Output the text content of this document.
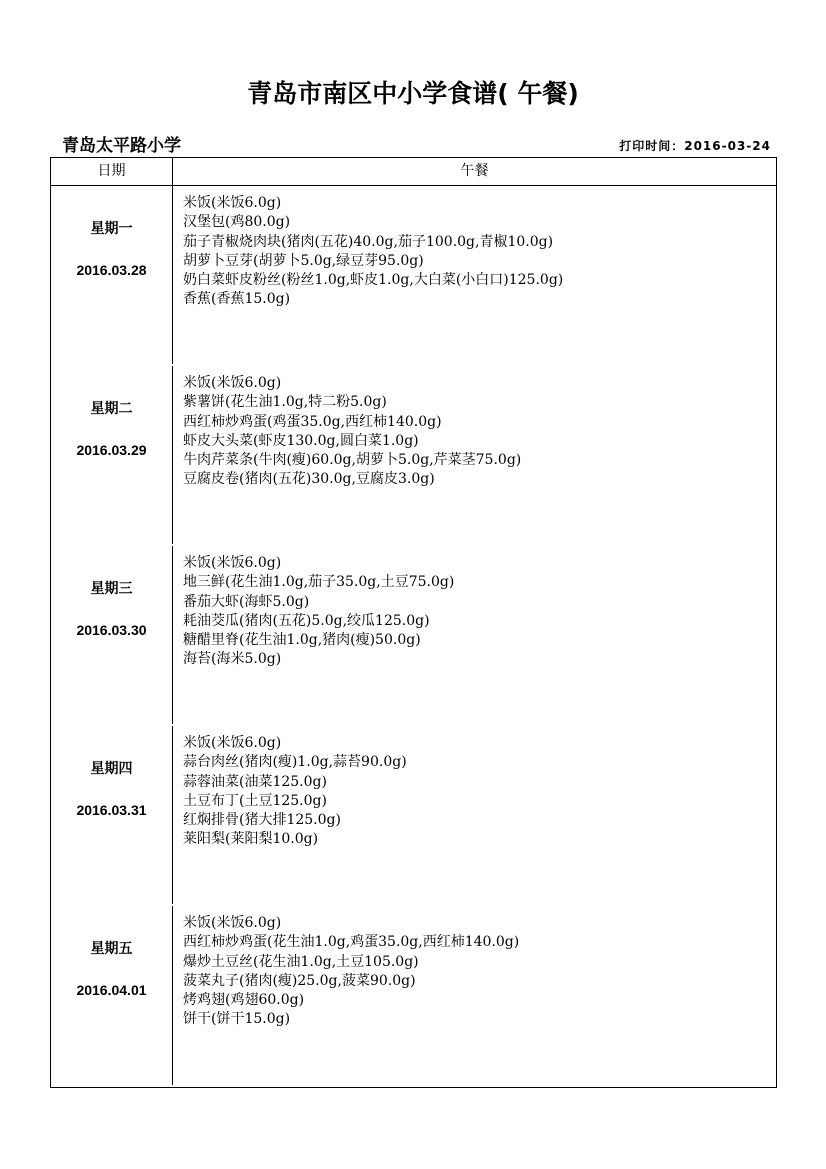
青岛市南区中小学食谱( 午餐)
青岛太平路小学	打印时间：2016-03-24
日期	午餐
星期一
2016.03.28
米饭(米饭6.0g)
汉堡包(鸡80.0g)
茄子青椒烧肉块(猪肉(五花)40.0g,茄子100.0g,青椒10.0g)
胡萝卜豆芽(胡萝卜5.0g,绿豆芽95.0g)
奶白菜虾皮粉丝(粉丝1.0g,虾皮1.0g,大白菜(小白口)125.0g)
香蕉(香蕉15.0g)
星期二
2016.03.29
米饭(米饭6.0g)
紫薯饼(花生油1.0g,特二粉5.0g)
西红柿炒鸡蛋(鸡蛋35.0g,西红柿140.0g)
虾皮大头菜(虾皮130.0g,圆白菜1.0g)
牛肉芹菜条(牛肉(瘦)60.0g,胡萝卜5.0g,芹菜茎75.0g)
豆腐皮卷(猪肉(五花)30.0g,豆腐皮3.0g)
星期三
2016.03.30
米饭(米饭6.0g)
地三鲜(花生油1.0g,茄子35.0g,土豆75.0g)
番茄大虾(海虾5.0g)
耗油茭瓜(猪肉(五花)5.0g,绞瓜125.0g)
糖醋里脊(花生油1.0g,猪肉(瘦)50.0g)
海苔(海米5.0g)
星期四
2016.03.31
米饭(米饭6.0g)
蒜台肉丝(猪肉(瘦)1.0g,蒜苔90.0g)
蒜蓉油菜(油菜125.0g)
土豆布丁(土豆125.0g)
红焖排骨(猪大排125.0g)
莱阳梨(莱阳梨10.0g)
星期五
2016.04.01
米饭(米饭6.0g)
西红柿炒鸡蛋(花生油1.0g,鸡蛋35.0g,西红柿140.0g)
爆炒土豆丝(花生油1.0g,土豆105.0g)
菠菜丸子(猪肉(瘦)25.0g,菠菜90.0g)
烤鸡翅(鸡翅60.0g)
饼干(饼干15.0g)
